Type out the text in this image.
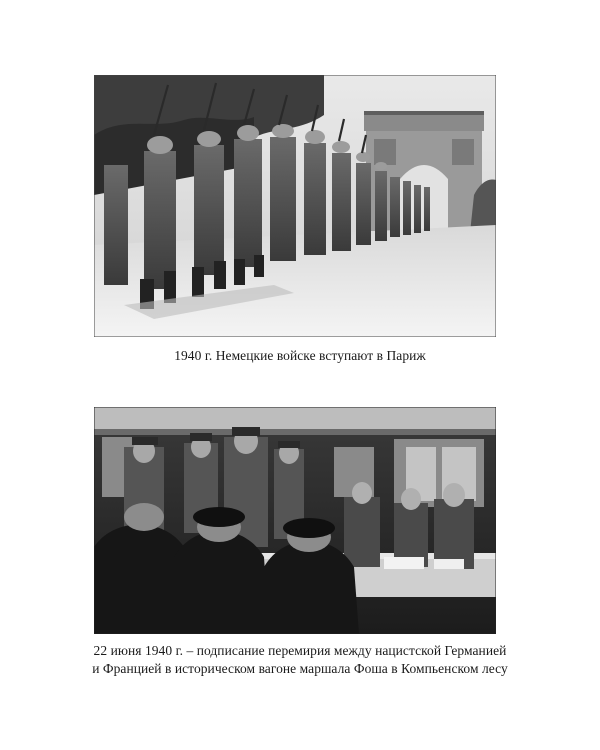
1940 г. Немецкие войске вступают в Париж
22 июня 1940 г. – подписание перемирия между нацистской Германией
и Францией в историческом вагоне маршала Фоша в Компьенском лесу
